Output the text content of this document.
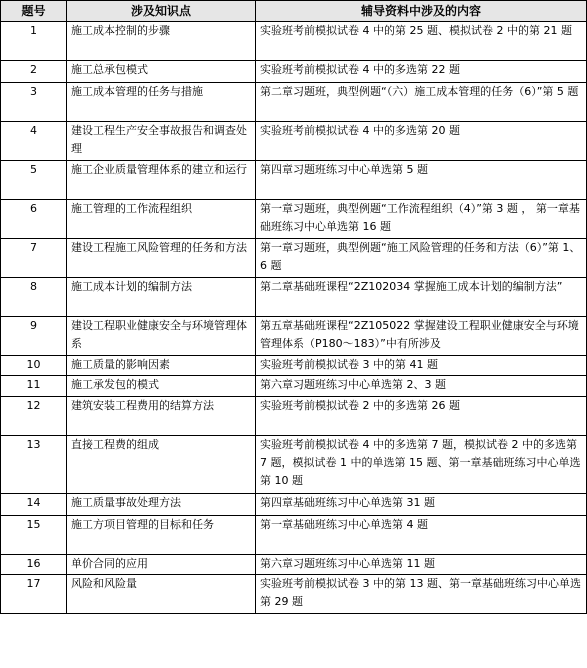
题号	涉及知识点	辅导资料中涉及的内容
1	施工成本控制的步骤	实验班考前模拟试卷 4 中的第 25 题、模拟试卷 2 中的第 21 题
2	施工总承包模式	实验班考前模拟试卷 4 中的多选第 22 题
3	施工成本管理的任务与措施	第二章习题班，典型例题“（六）施工成本管理的任务（6）”第 5 题
4	建设工程生产安全事故报告和调查处理	实验班考前模拟试卷 4 中的多选第 20 题
5	施工企业质量管理体系的建立和运行	第四章习题班练习中心单选第 5 题
6	施工管理的工作流程组织	第一章习题班，典型例题“工作流程组织（4）”第 3 题 ， 第一章基础班练习中心单选第 16 题
7	建设工程施工风险管理的任务和方法	第一章习题班，典型例题“施工风险管理的任务和方法（6）”第 1、6 题
8	施工成本计划的编制方法	第二章基础班课程“2Z102034 掌握施工成本计划的编制方法”
9	建设工程职业健康安全与环境管理体系	第五章基础班课程“2Z105022 掌握建设工程职业健康安全与环境管理体系（P180～183）”中有所涉及
10	施工质量的影响因素	实验班考前模拟试卷 3 中的第 41 题
11	施工承发包的模式	第六章习题班练习中心单选第 2、3 题
12	建筑安装工程费用的结算方法	实验班考前模拟试卷 2 中的多选第 26 题
13	直接工程费的组成	实验班考前模拟试卷 4 中的多选第 7 题，模拟试卷 2 中的多选第 7 题，模拟试卷 1 中的单选第 15 题、第一章基础班练习中心单选第 10 题
14	施工质量事故处理方法	第四章基础班练习中心单选第 31 题
15	施工方项目管理的目标和任务	第一章基础班练习中心单选第 4 题
16	单价合同的应用	第六章习题班练习中心单选第 11 题
17	风险和风险量	实验班考前模拟试卷 3 中的第 13 题、第一章基础班练习中心单选第 29 题
